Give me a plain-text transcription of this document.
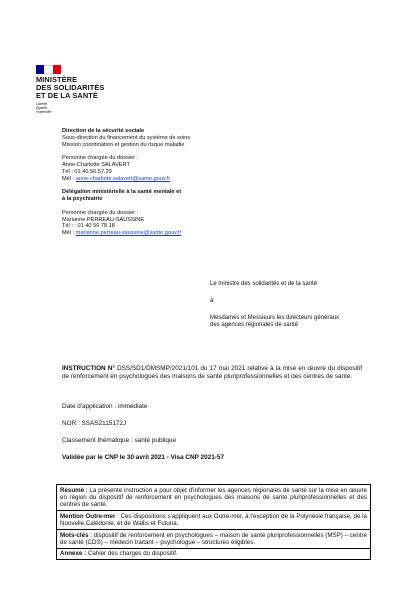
MINISTÈRE
DES SOLIDARITÉS
ET DE LA SANTÉ
Liberté
Égalité
Fraternité
Direction de la sécurité sociale
Sous-direction du financement du système de soins
Mission coordination et gestion du risque maladie
Personne chargée du dossier :
Anne-Charlotte SALAVERT
Tél : 01.40.56.57.29
Mél : anne-charlotte.salavert@sante.gouv.fr
Délégation ministérielle à la santé mentale et
à la psychiatrie
Personne chargée du dossier :
Marianne PERREAU-SAUSSINE
Tél : : 01 40 56 78 18
Mél : marianne.perreau-saussine@sante.gouv.fr
Le ministre des solidarités et de la santé
à
Mesdames et Messieurs les directeurs généraux
des agences régionales de santé
INSTRUCTION N° DSS/SD1/DMSMP/2021/101 du 17 mai 2021 relative à la mise en œuvre du dispositif de renforcement en psychologues des maisons de santé pluriprofessionnelles et des centres de santé.
Date d'application : immédiate
NOR : SSAS2115172J
Classement thématique : santé publique
Validée par le CNP le 30 avril 2021 - Visa CNP 2021-57
Résumé : La présente instruction a pour objet d'informer les agences régionales de santé sur la mise en œuvre en région du dispositif de renforcement en psychologues des maisons de santé pluriprofessionnelles et des centres de santé.
Mention Outre-mer : Ces dispositions s'appliquent aux Outre-mer, à l'exception de la Polynésie française, de la Nouvelle Calédonie, et de Wallis et Futuna.
Mots-clés : dispositif de renforcement en psychologues – maison de santé pluriprofessionnelles (MSP) – centre de santé (CDS) – médecin traitant – psychologue – structures éligibles.
Annexe : Cahier des charges du dispositif.
